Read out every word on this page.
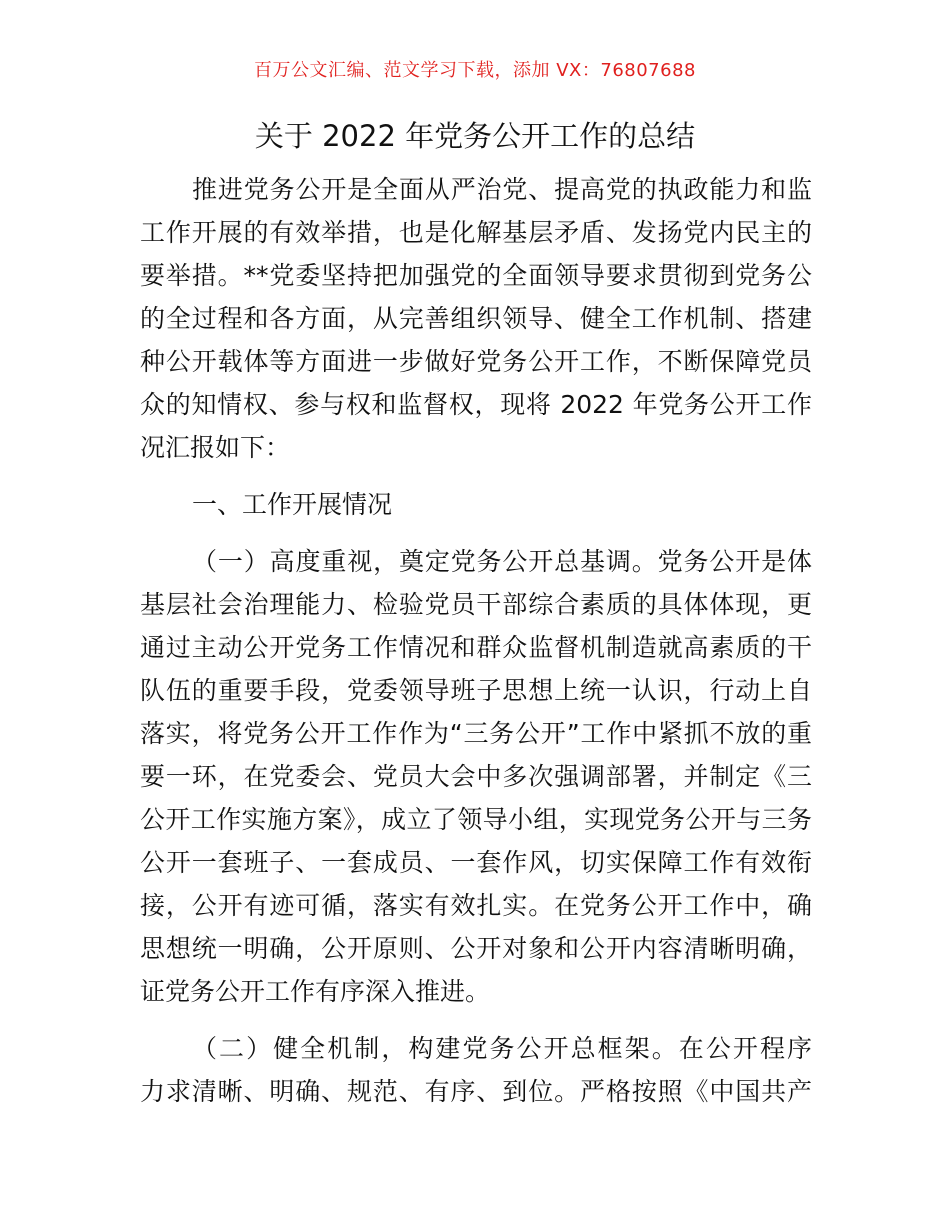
百万公文汇编、范文学习下载，添加 VX：76807688
关于 2022 年党务公开工作的总结
推进党务公开是全面从严治党、提高党的执政能力和监
工作开展的有效举措，也是化解基层矛盾、发扬党内民主的
要举措。**党委坚持把加强党的全面领导要求贯彻到党务公
的全过程和各方面，从完善组织领导、健全工作机制、搭建
种公开载体等方面进一步做好党务公开工作，不断保障党员
众的知情权、参与权和监督权，现将 2022 年党务公开工作
况汇报如下：
一、工作开展情况
（一）高度重视，奠定党务公开总基调。党务公开是体
基层社会治理能力、检验党员干部综合素质的具体体现，更
通过主动公开党务工作情况和群众监督机制造就高素质的干
队伍的重要手段，党委领导班子思想上统一认识，行动上自
落实，将党务公开工作作为“三务公开”工作中紧抓不放的重
要一环，在党委会、党员大会中多次强调部署，并制定《三
公开工作实施方案》，成立了领导小组，实现党务公开与三务
公开一套班子、一套成员、一套作风，切实保障工作有效衔
接，公开有迹可循，落实有效扎实。在党务公开工作中，确
思想统一明确，公开原则、公开对象和公开内容清晰明确，
证党务公开工作有序深入推进。
（二）健全机制，构建党务公开总框架。在公开程序
力求清晰、明确、规范、有序、到位。严格按照《中国共产
